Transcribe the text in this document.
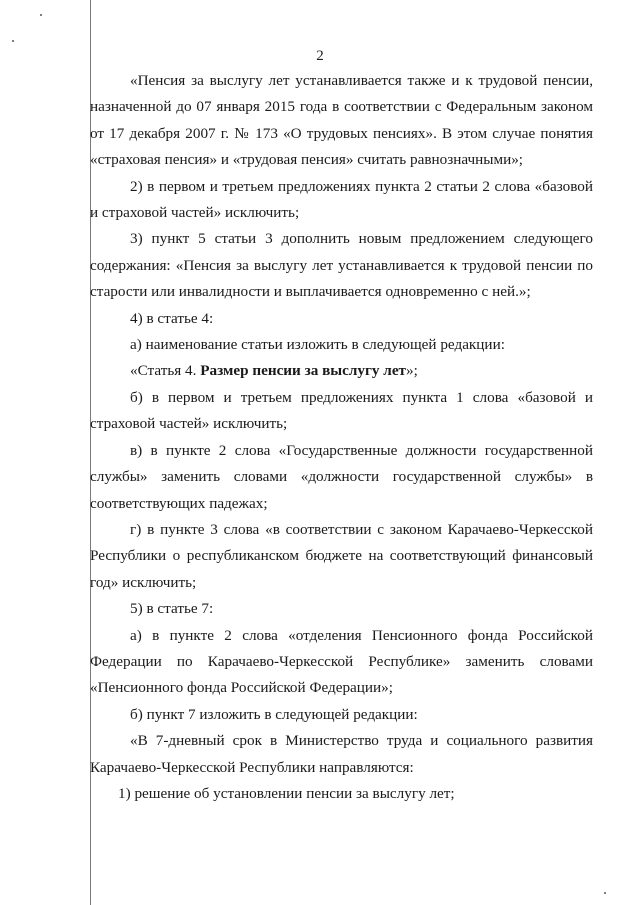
2

«Пенсия за выслугу лет устанавливается также и к трудовой пенсии, назначенной до 07 января 2015 года в соответствии с Федеральным законом от 17 декабря 2007 г. № 173 «О трудовых пенсиях». В этом случае понятия «страховая пенсия» и «трудовая пенсия» считать равнозначными»;

2) в первом и третьем предложениях пункта 2 статьи 2 слова «базовой и страховой частей» исключить;

3) пункт 5 статьи 3 дополнить новым предложением следующего содержания: «Пенсия за выслугу лет устанавливается к трудовой пенсии по старости или инвалидности и выплачивается одновременно с ней.»;

4) в статье 4:

а) наименование статьи изложить в следующей редакции:

«Статья 4. Размер пенсии за выслугу лет»;

б) в первом и третьем предложениях пункта 1 слова «базовой и страховой частей» исключить;

в) в пункте 2 слова «Государственные должности государственной службы» заменить словами «должности государственной службы» в соответствующих падежах;

г) в пункте 3 слова «в соответствии с законом Карачаево-Черкесской Республики о республиканском бюджете на соответствующий финансовый год» исключить;

5) в статье 7:

а) в пункте 2 слова «отделения Пенсионного фонда Российской Федерации по Карачаево-Черкесской Республике» заменить словами «Пенсионного фонда Российской Федерации»;

б) пункт 7 изложить в следующей редакции:

«В 7-дневный срок в Министерство труда и социального развития Карачаево-Черкесской Республики направляются:

1) решение об установлении пенсии за выслугу лет;
